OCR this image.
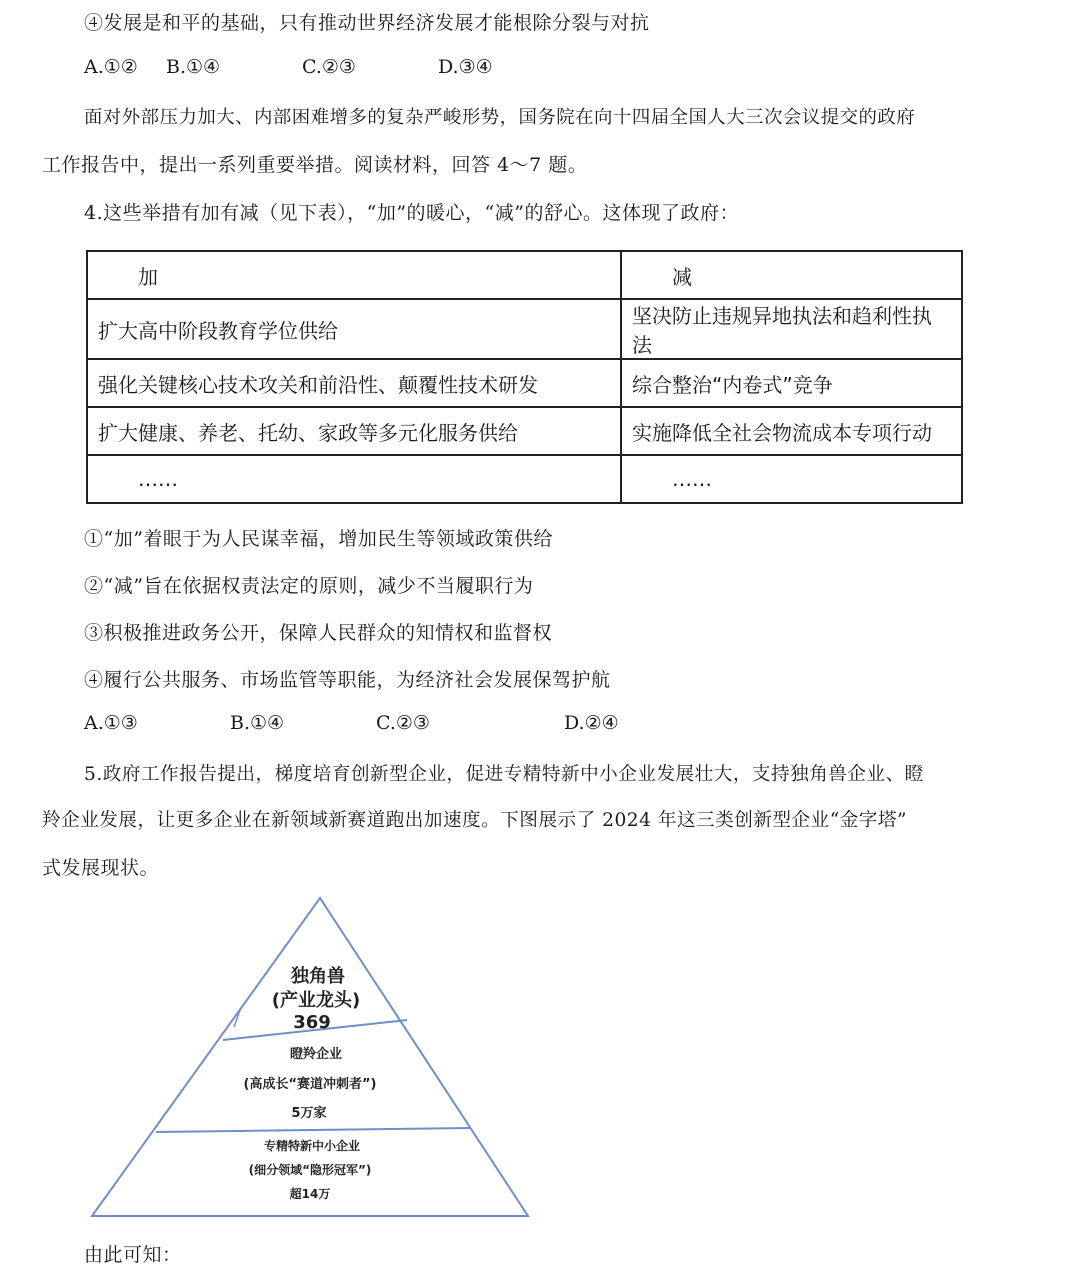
④发展是和平的基础，只有推动世界经济发展才能根除分裂与对抗
A.①② B.①④	C.②③	D.③④
面对外部压力加大、内部困难增多的复杂严峻形势，国务院在向十四届全国人大三次会议提交的政府
工作报告中，提出一系列重要举措。阅读材料，回答 4～7 题。
4.这些举措有加有减（见下表），“加”的暖心，“减”的舒心。这体现了政府：
加	减
扩大高中阶段教育学位供给	坚决防止违规异地执法和趋利性执法
强化关键核心技术攻关和前沿性、颠覆性技术研发	综合整治“内卷式”竞争
扩大健康、养老、托幼、家政等多元化服务供给	实施降低全社会物流成本专项行动
……	……
①“加”着眼于为人民谋幸福，增加民生等领域政策供给
②“减”旨在依据权责法定的原则，减少不当履职行为
③积极推进政务公开，保障人民群众的知情权和监督权
④履行公共服务、市场监管等职能，为经济社会发展保驾护航
A.①③	B.①④	C.②③	D.②④
5.政府工作报告提出，梯度培育创新型企业，促进专精特新中小企业发展壮大，支持独角兽企业、瞪
羚企业发展，让更多企业在新领域新赛道跑出加速度。下图展示了 2024 年这三类创新型企业“金字塔”
式发展现状。
独角兽
(产业龙头)
369
瞪羚企业
(高成长“赛道冲刺者”)
5万家
专精特新中小企业
(细分领域“隐形冠军”)
超14万
由此可知：
